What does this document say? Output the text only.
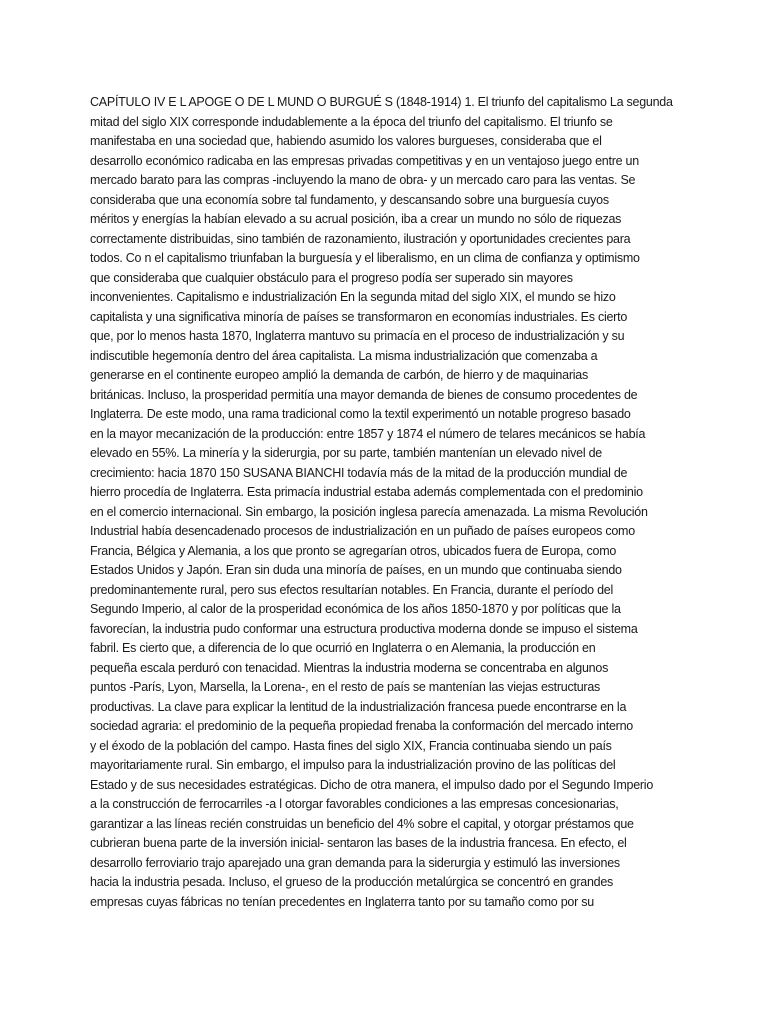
CAPÍTULO IV E L APOGE O DE L MUND O BURGUÉ S (1848-1914) 1. El triunfo del capitalismo La segunda
mitad del siglo XIX corresponde indudablemente a la época del triunfo del capitalismo. El triunfo se
manifestaba en una sociedad que, habiendo asumido los valores burgueses, consideraba que el
desarrollo económico radicaba en las empresas privadas competitivas y en un ventajoso juego entre un
mercado barato para las compras -incluyendo la mano de obra- y un mercado caro para las ventas. Se
consideraba que una economía sobre tal fundamento, y descansando sobre una burguesía cuyos
méritos y energías la habían elevado a su acrual posición, iba a crear un mundo no sólo de riquezas
correctamente distribuidas, sino también de razonamiento, ilustración y oportunidades crecientes para
todos. Co n el capitalismo triunfaban la burguesía y el liberalismo, en un clima de confianza y optimismo
que consideraba que cualquier obstáculo para el progreso podía ser superado sin mayores
inconvenientes. Capitalismo e industrialización En la segunda mitad del siglo XIX, el mundo se hizo
capitalista y una significativa minoría de países se transformaron en economías industriales. Es cierto
que, por lo menos hasta 1870, Inglaterra mantuvo su primacía en el proceso de industrialización y su
indiscutible hegemonía dentro del área capitalista. La misma industrialización que comenzaba a
generarse en el continente europeo amplió la demanda de carbón, de hierro y de maquinarias
británicas. Incluso, la prosperidad permitía una mayor demanda de bienes de consumo procedentes de
Inglaterra. De este modo, una rama tradicional como la textil experimentó un notable progreso basado
en la mayor mecanización de la producción: entre 1857 y 1874 el número de telares mecánicos se había
elevado en 55%. La minería y la siderurgia, por su parte, también mantenían un elevado nivel de
crecimiento: hacia 1870 150 SUSANA BIANCHI todavía más de la mitad de la producción mundial de
hierro procedía de Inglaterra. Esta primacía industrial estaba además complementada con el predominio
en el comercio internacional. Sin embargo, la posición inglesa parecía amenazada. La misma Revolución
Industrial había desencadenado procesos de industrialización en un puñado de países europeos como
Francia, Bélgica y Alemania, a los que pronto se agregarían otros, ubicados fuera de Europa, como
Estados Unidos y Japón. Eran sin duda una minoría de países, en un mundo que continuaba siendo
predominantemente rural, pero sus efectos resultarían notables. En Francia, durante el período del
Segundo Imperio, al calor de la prosperidad económica de los años 1850-1870 y por políticas que la
favorecían, la industria pudo conformar una estructura productiva moderna donde se impuso el sistema
fabril. Es cierto que, a diferencia de lo que ocurrió en Inglaterra o en Alemania, la producción en
pequeña escala perduró con tenacidad. Mientras la industria moderna se concentraba en algunos
puntos -París, Lyon, Marsella, la Lorena-, en el resto de país se mantenían las viejas estructuras
productivas. La clave para explicar la lentitud de la industrialización francesa puede encontrarse en la
sociedad agraria: el predominio de la pequeña propiedad frenaba la conformación del mercado interno
y el éxodo de la población del campo. Hasta fines del siglo XIX, Francia continuaba siendo un país
mayoritariamente rural. Sin embargo, el impulso para la industrialización provino de las políticas del
Estado y de sus necesidades estratégicas. Dicho de otra manera, el impulso dado por el Segundo Imperio
a la construcción de ferrocarriles -a l otorgar favorables condiciones a las empresas concesionarias,
garantizar a las líneas recién construidas un beneficio del 4% sobre el capital, y otorgar préstamos que
cubrieran buena parte de la inversión inicial- sentaron las bases de la industria francesa. En efecto, el
desarrollo ferroviario trajo aparejado una gran demanda para la siderurgia y estimuló las inversiones
hacia la industria pesada. Incluso, el grueso de la producción metalúrgica se concentró en grandes
empresas cuyas fábricas no tenían precedentes en Inglaterra tanto por su tamaño como por su
